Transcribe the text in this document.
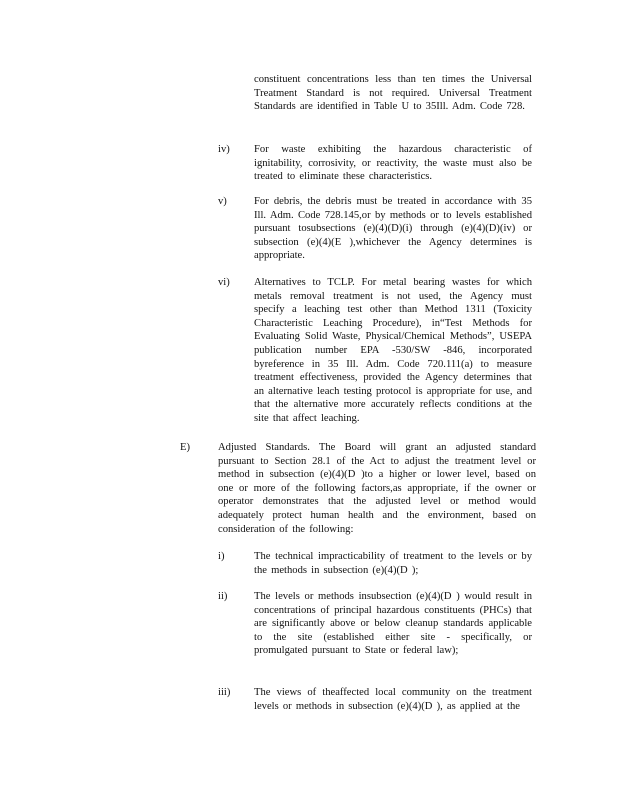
constituent concentrations less than ten times the Universal Treatment Standard is not required. Universal Treatment Standards are identified in Table U to 35Ill. Adm. Code 728.

iv) For waste exhibiting the hazardous characteristic of ignitability, corrosivity, or reactivity, the waste must also be treated to eliminate these characteristics.

v)	For debris, the debris must be treated in accordance with 35 Ill. Adm. Code 728.145,or by methods or to levels established pursuant tosubsections (e)(4)(D)(i) through (e)(4)(D)(iv) or subsection (e)(4)(E ),whichever the Agency determines is appropriate.

vi) Alternatives to TCLP. For metal bearing wastes for which metals removal treatment is not used, the Agency must specify a leaching test other than Method 1311 (Toxicity Characteristic Leaching Procedure), in“Test Methods for Evaluating Solid Waste, Physical/Chemical Methods”, USEPA publication number EPA -530/SW -846, incorporated byreference in 35 Ill. Adm. Code 720.111(a) to measure treatment effectiveness, provided the Agency determines that an alternative leach testing protocol is appropriate for use, and that the alternative more accurately reflects conditions at the site that affect leaching.

E)	Adjusted Standards. The Board will grant an adjusted standard pursuant to Section 28.1 of the Act to adjust the treatment level or method in subsection (e)(4)(D )to a higher or lower level, based on one or more of the following factors,as appropriate, if the owner or operator demonstrates that the adjusted level or method would adequately protect human health and the environment, based on consideration of the following:

i)	The technical impracticability of treatment to the levels or by the methods in subsection (e)(4)(D );

ii)	The levels or methods insubsection (e)(4)(D ) would result in concentrations of principal hazardous constituents (PHCs) that are significantly above or below cleanup standards applicable to the site (established either site - specifically, or promulgated pursuant to State or federal law);

iii) The views of theaffected local community on the treatment levels or methods in subsection (e)(4)(D ), as applied at the
